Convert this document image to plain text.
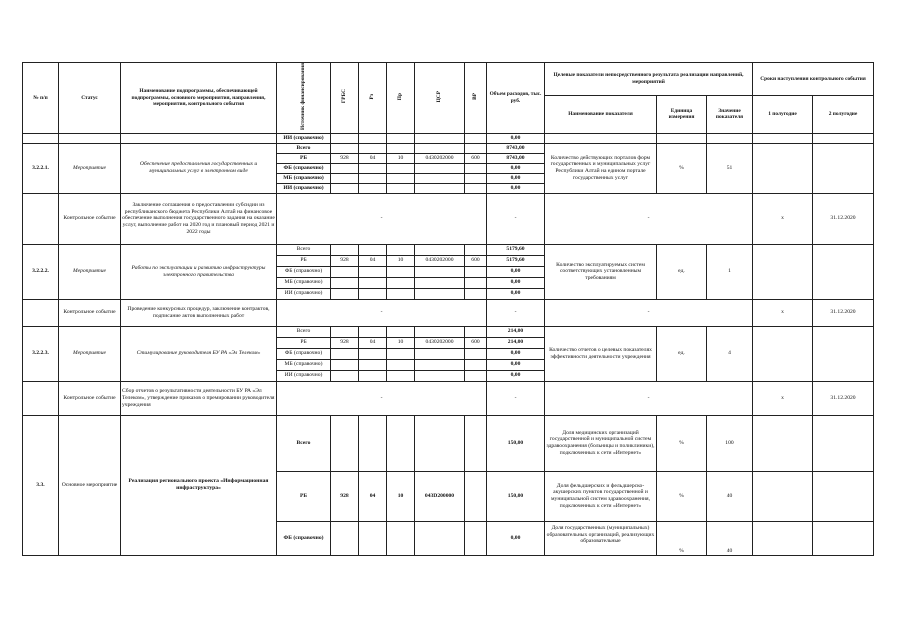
№ п/п	Статус	Наименование подпрограммы, обеспечивающей подпрограммы, основного мероприятия, направления, мероприятия, контрольного события	Источник финансирования	ГРБС	Рз	Пр	ЦСР	ВР	Объем расходов, тыс. руб.	Целевые показатели непосредственного результата реализации направлений, мероприятий			Сроки наступления контрольного события	
										Наименование показателя	Единица измерения	Значение показателя	1 полугодие	2 полугодие
			ИИ (справочно)						0,00					
3.2.2.1.	Мероприятие	Обеспечение предоставления государственных и муниципальных услуг в электронном виде	Всего						8743,00	Количество действующих порталов форм государственных и муниципальных услуг Республики Алтай на едином портале государственных услуг	%	51		
			РБ	928	04	10	0430202000	600	8743,00					
			ФБ (справочно)						0,00					
			МБ (справочно)						0,00					
			ИИ (справочно)						0,00					
	Контрольное событие	Заключение соглашения о предоставлении субсидии из республиканского бюджета Республики Алтай на финансовое обеспечение выполнения государственного задания на оказание услуг, выполнение работ на 2020 год и плановый период 2021 и 2022 годы	-						-	-			х	31.12.2020
3.2.2.2.	Мероприятие	Работы по эксплуатации и развитию инфраструктуры электронного правительства	Всего						5179,60	Количество эксплуатируемых систем соответствующих установленным требованиям	ед.	1		
			РБ	928	04	10	0430202000	600	5179,60					
			ФБ (справочно)						0,00					
			МБ (справочно)						0,00					
			ИИ (справочно)						0,00					
	Контрольное событие	Проведение конкурсных процедур, заключение контрактов, подписание актов выполненных работ	-						-	-			х	31.12.2020
3.2.2.3.	Мероприятие	Стимулирование руководителя БУ РА «Эл Телеком»	Всего						214,00	Количество отчетов о целевых показателях эффективности деятельности учреждения	ед.	4		
			РБ	928	04	10	0430202000	600	214,00					
			ФБ (справочно)						0,00					
			МБ (справочно)						0,00					
			ИИ (справочно)						0,00					
	Контрольное событие	Сбор отчетов о результативности деятельности БУ РА «Эл Телеком», утверждение приказов о премировании руководителя учреждения	-						-	-			х	31.12.2020
3.3.	Основное мероприятие	Реализация регионального проекта «Информационная инфраструктура»	Всего						150,00	Доля медицинских организаций государственной и муниципальной систем здравоохранения (больницы и поликлиники), подключенных к сети «Интернет»	%	100		
			РБ	928	04	10	043D200000		150,00	Доля фельдшерских и фельдшерско-акушерских пунктов государственной и муниципальной систем здравоохранения, подключенных к сети «Интернет»	%	40		
			ФБ (справочно)						0,00	Доля государственных (муниципальных) образовательных организаций, реализующих образовательные	%	40		
